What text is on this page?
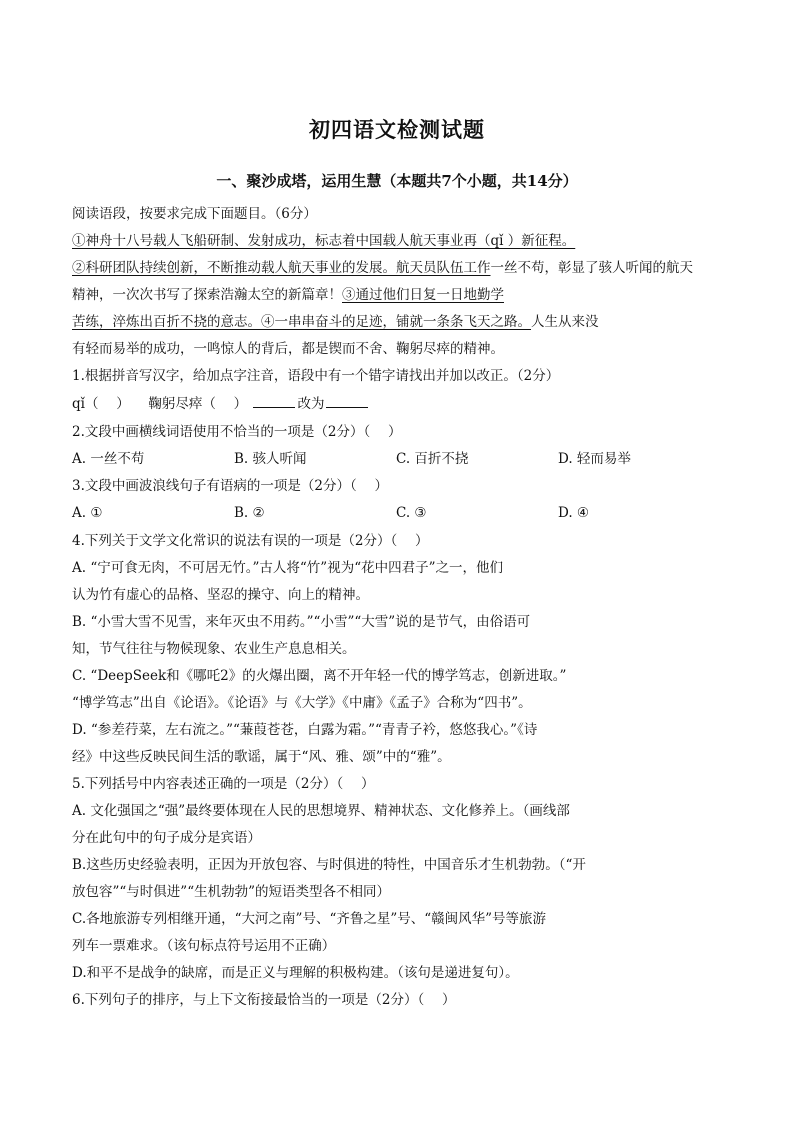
初四语文检测试题
一、聚沙成塔，运用生慧（本题共7个小题，共14分）
阅读语段，按要求完成下面题目。（6分）
①神舟十八号载人飞船研制、发射成功，标志着中国载人航天事业再（qǐ ）新征程。
②科研团队持续创新，不断推动载人航天事业的发展。航天员队伍工作一丝不苟，彰显了骇人听闻的航天
精神，一次次书写了探索浩瀚太空的新篇章！③通过他们日复一日地勤学
苦练，淬炼出百折不挠的意志。④一串串奋斗的足迹，铺就一条条飞天之路。人生从来没
有轻而易举的成功，一鸣惊人的背后，都是锲而不舍、鞠躬尽瘁的精神。
1.根据拼音写汉字，给加点字注音，语段中有一个错字请找出并加以改正。（2分）
qǐ（　 ） 鞠躬尽瘁（　 ）	改为
2.文段中画横线词语使用不恰当的一项是（2分）（　 ）
A. 一丝不苟	B. 骇人听闻	C. 百折不挠	D. 轻而易举
3.文段中画波浪线句子有语病的一项是（2分）（　 ）
A. ①	B. ②	C. ③	D. ④
4.下列关于文学文化常识的说法有误的一项是（2分）（　 ）
A. “宁可食无肉，不可居无竹。”古人将“竹”视为“花中四君子”之一，他们
认为竹有虚心的品格、坚忍的操守、向上的精神。
B. “小雪大雪不见雪，来年灭虫不用药。”“小雪”“大雪”说的是节气，由俗语可
知，节气往往与物候现象、农业生产息息相关。
C. “DeepSeek和《哪吒2》的火爆出圈，离不开年轻一代的博学笃志，创新进取。”
“博学笃志”出自《论语》。《论语》与《大学》《中庸》《孟子》合称为“四书”。
D. “参差荇菜，左右流之。”“蒹葭苍苍，白露为霜。”“青青子衿，悠悠我心。”《诗
经》中这些反映民间生活的歌谣，属于“风、雅、颂”中的“雅”。
5.下列括号中内容表述正确的一项是（2分）（　 ）
A. 文化强国之“强”最终要体现在人民的思想境界、精神状态、文化修养上。（画线部
分在此句中的句子成分是宾语）
B.这些历史经验表明，正因为开放包容、与时俱进的特性，中国音乐才生机勃勃。（“开
放包容”“与时俱进”“生机勃勃”的短语类型各不相同）
C.各地旅游专列相继开通，“大河之南”号、“齐鲁之星”号、“赣闽风华”号等旅游
列车一票难求。（该句标点符号运用不正确）
D.和平不是战争的缺席，而是正义与理解的积极构建。（该句是递进复句）。
6.下列句子的排序，与上下文衔接最恰当的一项是（2分）（　 ）
